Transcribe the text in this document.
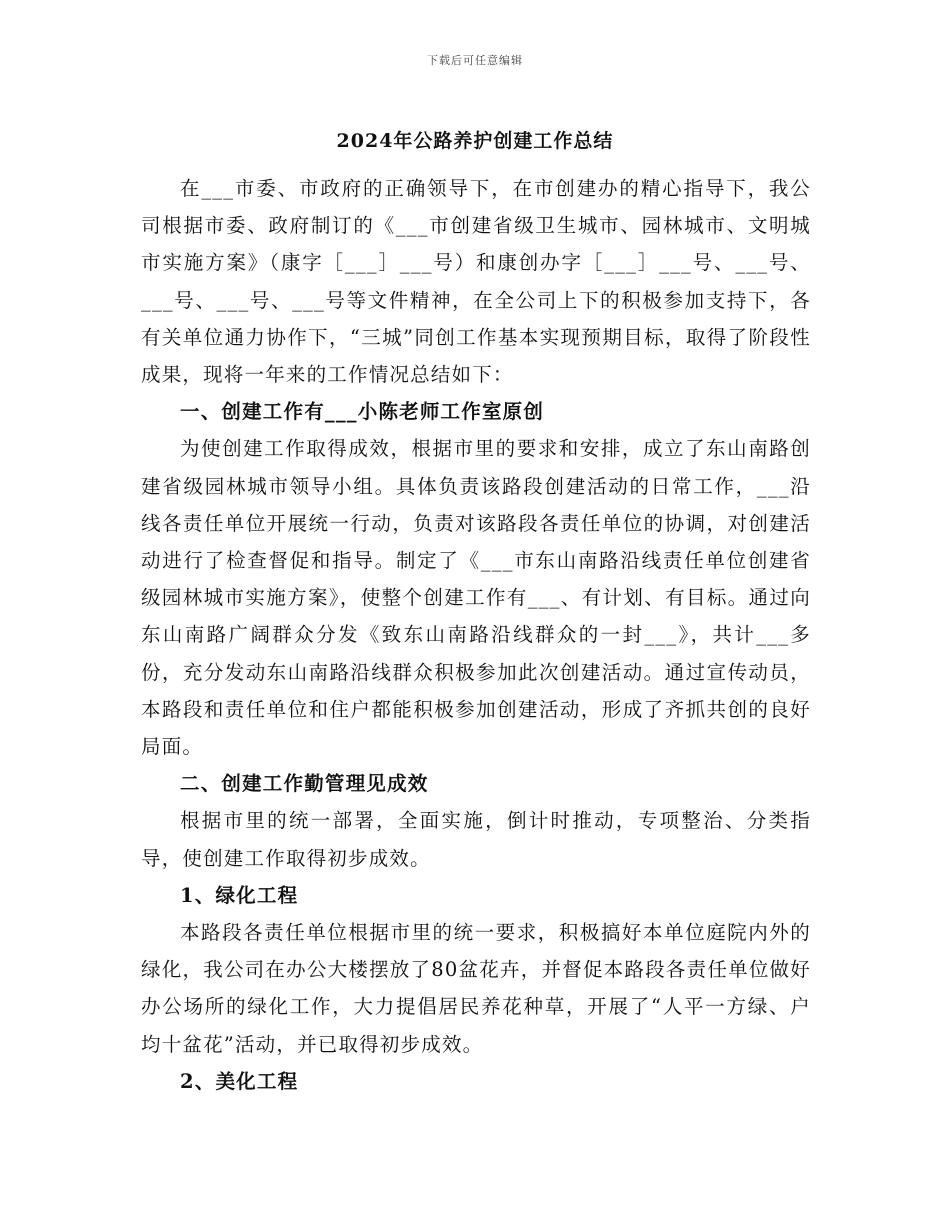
下载后可任意编辑
2024年公路养护创建工作总结

在___市委、市政府的正确领导下，在市创建办的精心指导下，我公司根据市委、政府制订的《___市创建省级卫生城市、园林城市、文明城市实施方案》（康字［___］___号）和康创办字［___］___号、___号、___号、___号、___号等文件精神，在全公司上下的积极参加支持下，各有关单位通力协作下，“三城”同创工作基本实现预期目标，取得了阶段性成果，现将一年来的工作情况总结如下：

一、创建工作有___小陈老师工作室原创

为使创建工作取得成效，根据市里的要求和安排，成立了东山南路创建省级园林城市领导小组。具体负责该路段创建活动的日常工作，___沿线各责任单位开展统一行动，负责对该路段各责任单位的协调，对创建活动进行了检查督促和指导。制定了《___市东山南路沿线责任单位创建省级园林城市实施方案》，使整个创建工作有___、有计划、有目标。通过向东山南路广阔群众分发《致东山南路沿线群众的一封___》，共计___多份，充分发动东山南路沿线群众积极参加此次创建活动。通过宣传动员，本路段和责任单位和住户都能积极参加创建活动，形成了齐抓共创的良好局面。

二、创建工作勤管理见成效

根据市里的统一部署，全面实施，倒计时推动，专项整治、分类指导，使创建工作取得初步成效。

1、绿化工程

本路段各责任单位根据市里的统一要求，积极搞好本单位庭院内外的绿化，我公司在办公大楼摆放了80盆花卉，并督促本路段各责任单位做好办公场所的绿化工作，大力提倡居民养花种草，开展了“人平一方绿、户均十盆花”活动，并已取得初步成效。

2、美化工程
